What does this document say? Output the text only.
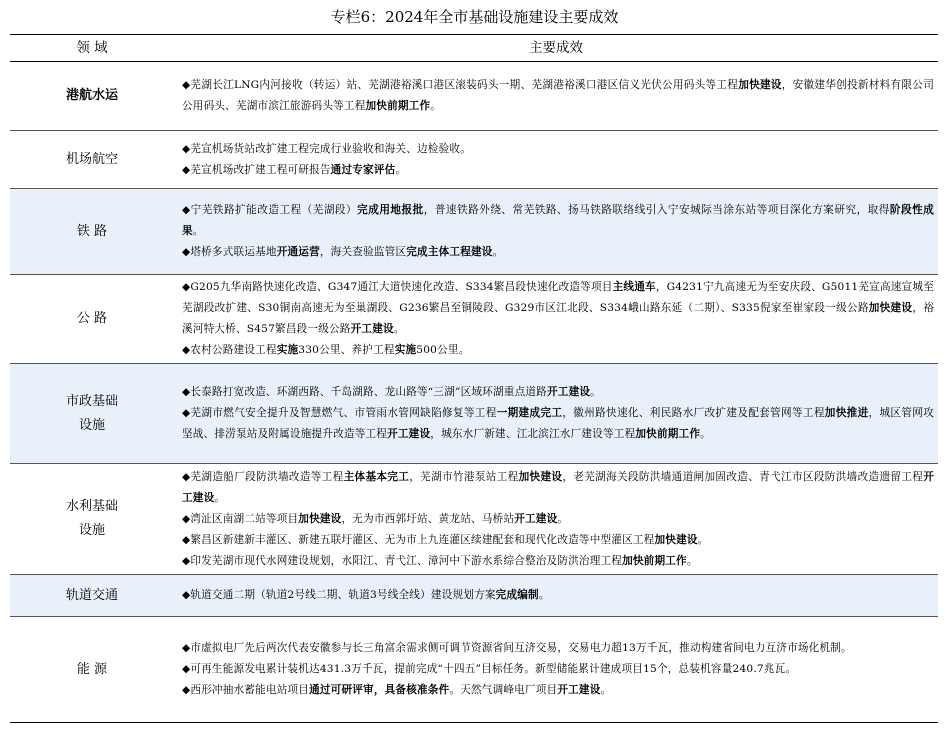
专栏6：2024年全市基础设施建设主要成效
领 域	主要成效
港航水运
◆芜湖长江LNG内河接收（转运）站、芜湖港裕溪口港区滚装码头一期、芜湖港裕溪口港区信义光伏公用码头等工程加快建设，安徽建华创投新材料有限公司公用码头、芜湖市滨江旅游码头等工程加快前期工作。
机场航空
◆芜宣机场货站改扩建工程完成行业验收和海关、边检验收。
◆芜宣机场改扩建工程可研报告通过专家评估。
铁 路
◆宁芜铁路扩能改造工程（芜湖段）完成用地报批，普速铁路外绕、常芜铁路、扬马铁路联络线引入宁安城际当涂东站等项目深化方案研究，取得阶段性成果。
◆塔桥多式联运基地开通运营，海关查验监管区完成主体工程建设。
公 路
◆G205九华南路快速化改造、G347通江大道快速化改造、S334繁昌段快速化改造等项目主线通车，G4231宁九高速无为至安庆段、G5011芜宣高速宣城至芜湖段改扩建、S30铜南高速无为至巢湖段、G236繁昌至铜陵段、G329市区江北段、S334峨山路东延（二期）、S335倪家至崔家段一级公路加快建设，裕溪河特大桥、S457繁昌段一级公路开工建设。
◆农村公路建设工程实施330公里、养护工程实施500公里。
市政基础
设施
◆长泰路打宽改造、环湖西路、千岛湖路、龙山路等“三湖”区域环湖重点道路开工建设。
◆芜湖市燃气安全提升及智慧燃气、市管雨水管网缺陷修复等工程一期建成完工，徽州路快速化、利民路水厂改扩建及配套管网等工程加快推进，城区管网攻坚战、排涝泵站及附属设施提升改造等工程开工建设，城东水厂新建、江北滨江水厂建设等工程加快前期工作。
水利基础
设施
◆芜湖造船厂段防洪墙改造等工程主体基本完工，芜湖市竹港泵站工程加快建设，老芜湖海关段防洪墙通道闸加固改造、青弋江市区段防洪墙改造遗留工程开工建设。
◆湾沚区南湖二站等项目加快建设，无为市西郭圩站、黄龙站、马桥站开工建设。
◆繁昌区新建新丰灌区、新建五联圩灌区、无为市上九连灌区续建配套和现代化改造等中型灌区工程加快建设。
◆印发芜湖市现代水网建设规划，水阳江、青弋江、漳河中下游水系综合整治及防洪治理工程加快前期工作。
轨道交通	◆轨道交通二期（轨道2号线二期、轨道3号线全线）建设规划方案完成编制。
能 源
◆市虚拟电厂先后两次代表安徽参与长三角富余需求侧可调节资源省间互济交易，交易电力超13万千瓦，推动构建省间电力互济市场化机制。
◆可再生能源发电累计装机达431.3万千瓦，提前完成“十四五”目标任务。新型储能累计建成项目15个，总装机容量240.7兆瓦。
◆西形冲抽水蓄能电站项目通过可研评审，具备核准条件。天然气调峰电厂项目开工建设。
